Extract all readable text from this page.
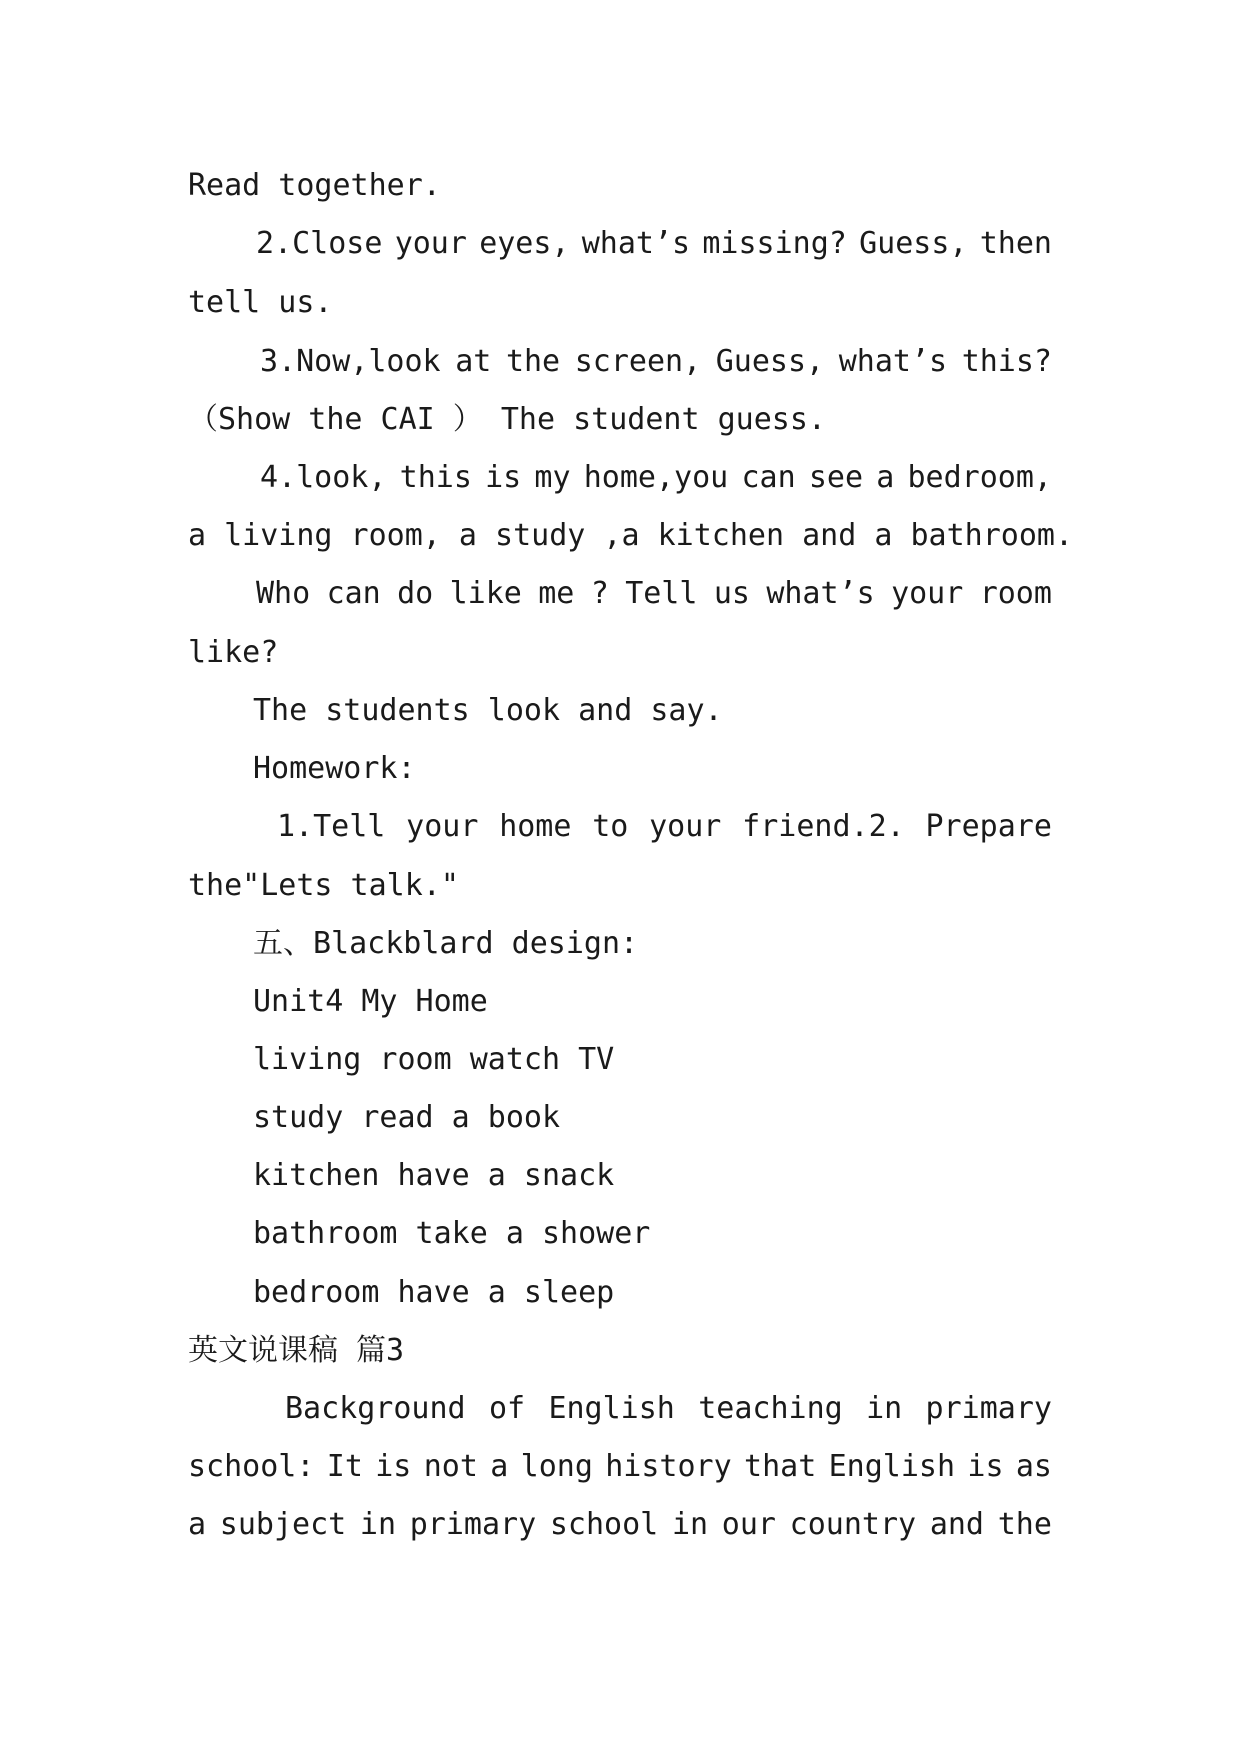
Read together.
2.Close your eyes, what’s missing? Guess, then
tell us.
3.Now,look at the screen, Guess, what’s this?
（Show the CAI ） The student guess.
4.look, this is my home,you can see a bedroom,
a living room, a study ,a kitchen and a bathroom.
Who can do like me ? Tell us what’s your room
like?
The students look and say.
Homework:
1.Tell your home to your friend.2. Prepare
the"Lets talk."
五、Blackblard design:
Unit4 My Home
living room watch TV
study read a book
kitchen have a snack
bathroom take a shower
bedroom have a sleep
英文说课稿 篇3
Background of English teaching in primary
school: It is not a long history that English is as
a subject in primary school in our country and the
